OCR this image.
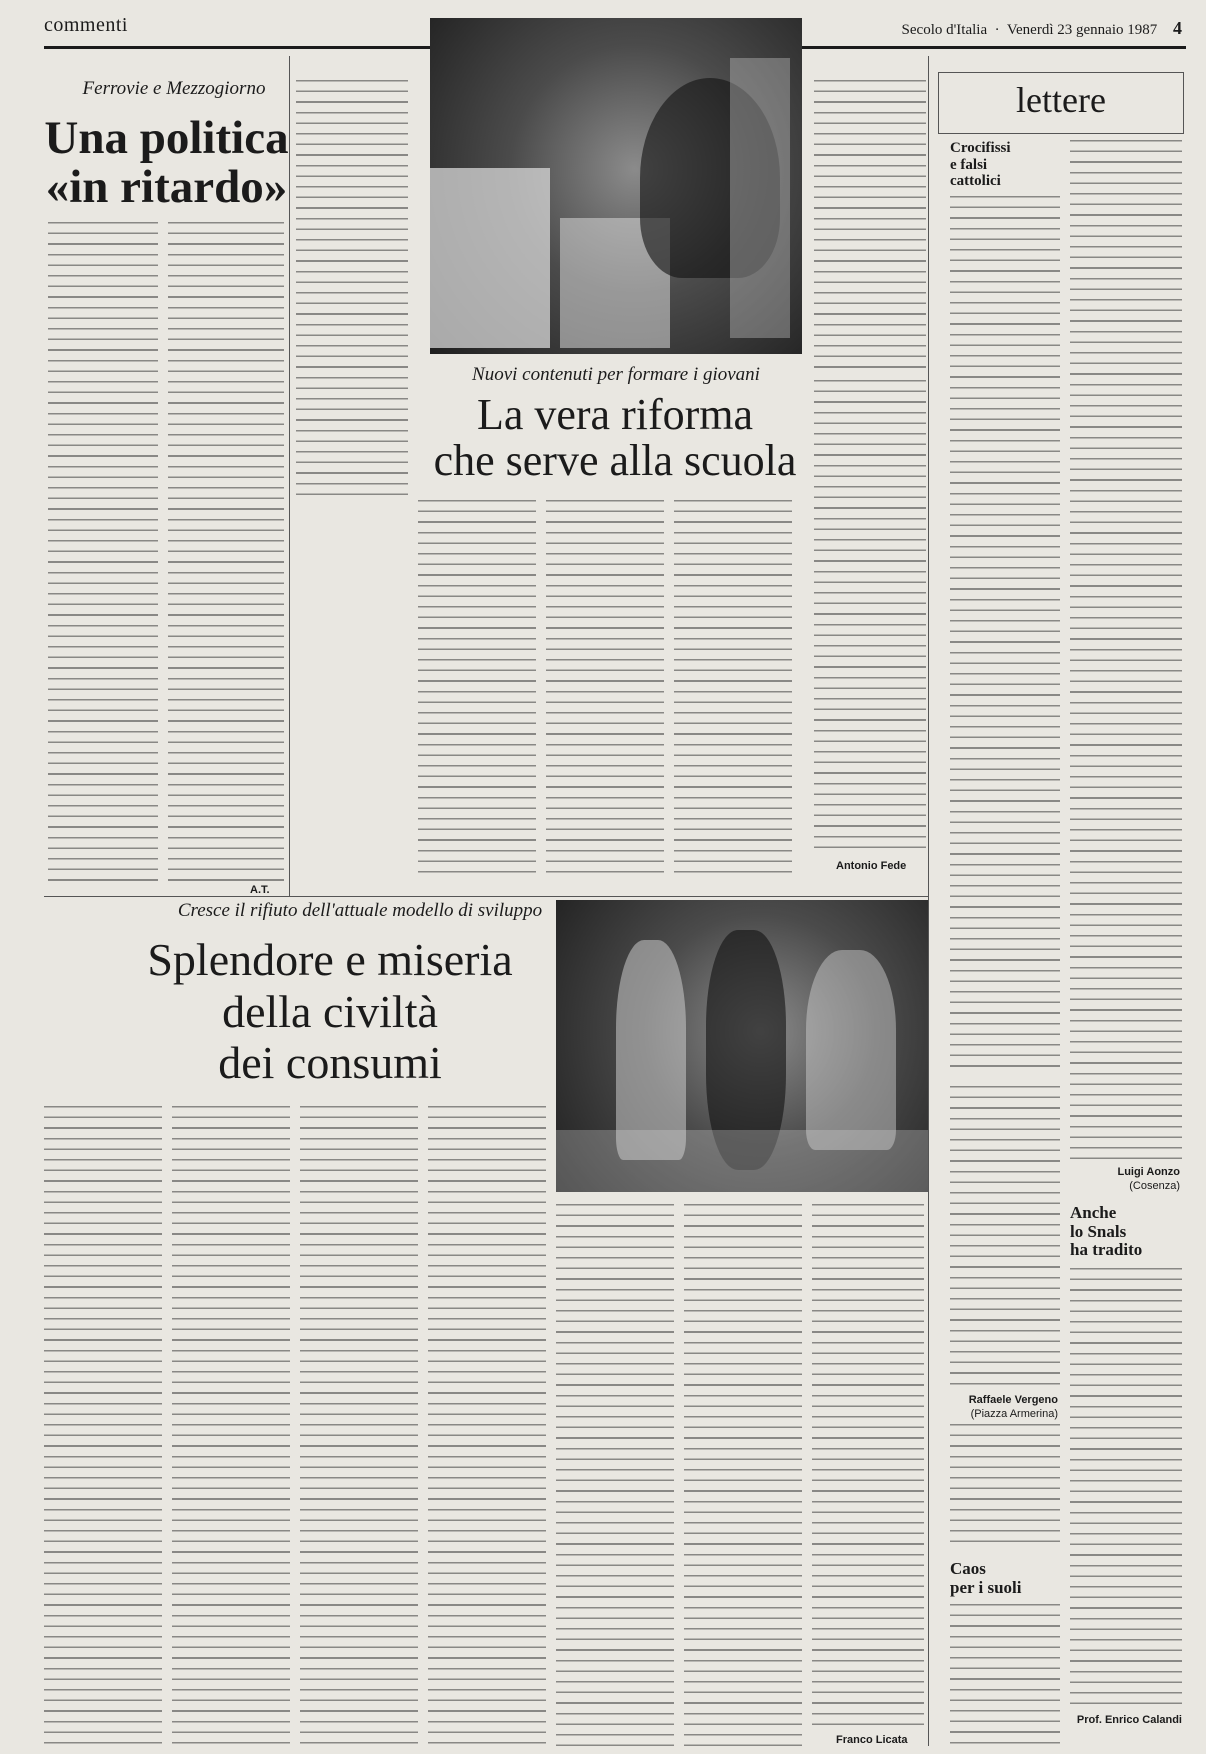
commenti	Secolo d'Italia  ·  Venerdì 23 gennaio 1987 4
Ferrovie e Mezzogiorno
Una politica
«in ritardo»
A.T.
Nuovi contenuti per formare i giovani
La vera riforma
che serve alla scuola
Antonio Fede
Cresce il rifiuto dell'attuale modello di sviluppo
Splendore e miseria
della civiltà
dei consumi
Franco Licata
lettere
Crocifissi
e falsi
cattolici
Luigi Aonzo
(Cosenza)
Anche
lo Snals
ha tradito
Prof. Enrico Calandi
Raffaele Vergeno
(Piazza Armerina)
Caos
per i suoli
